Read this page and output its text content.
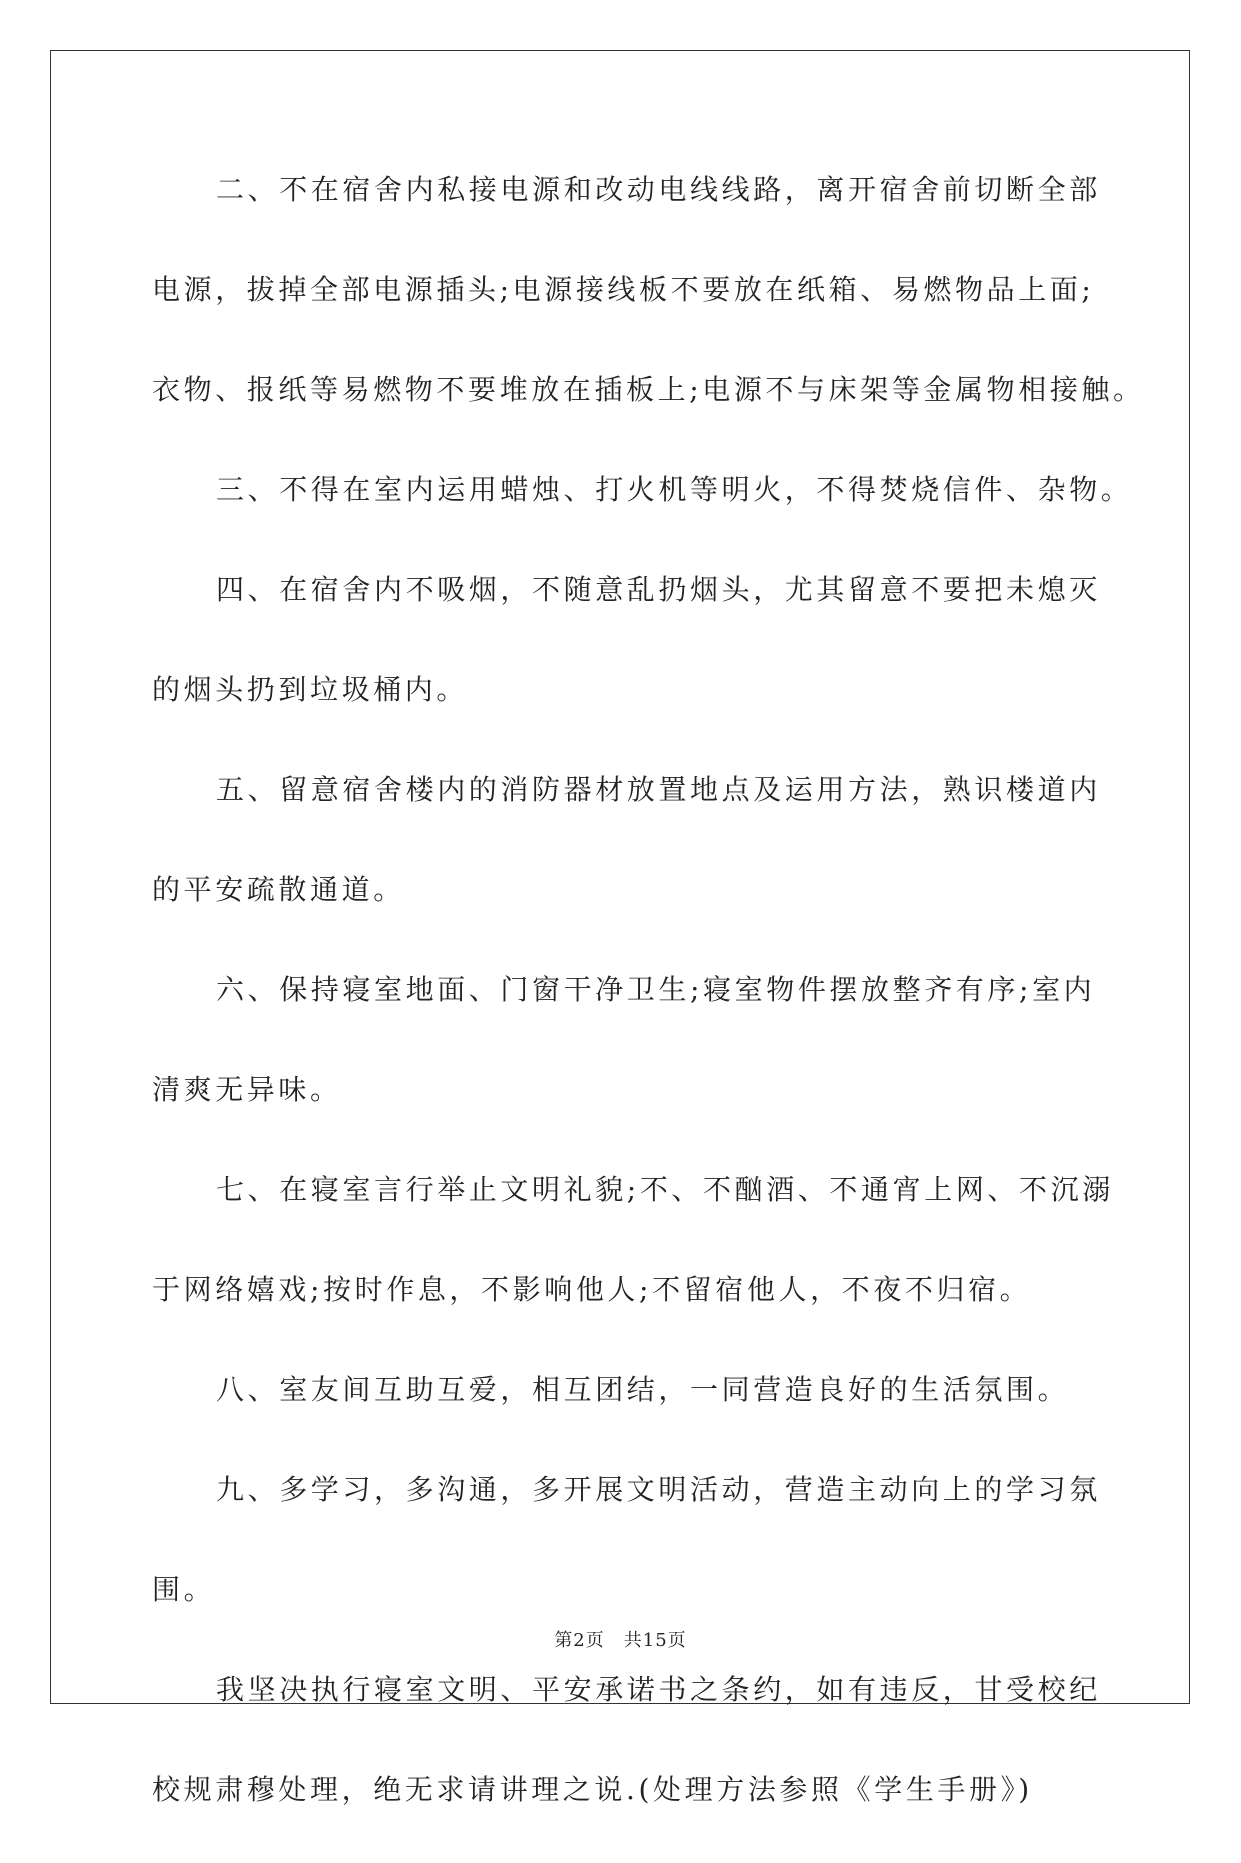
二、不在宿舍内私接电源和改动电线线路，离开宿舍前切断全部
电源，拔掉全部电源插头;电源接线板不要放在纸箱、易燃物品上面;
衣物、报纸等易燃物不要堆放在插板上;电源不与床架等金属物相接触。
三、不得在室内运用蜡烛、打火机等明火，不得焚烧信件、杂物。
四、在宿舍内不吸烟，不随意乱扔烟头，尤其留意不要把未熄灭
的烟头扔到垃圾桶内。
五、留意宿舍楼内的消防器材放置地点及运用方法，熟识楼道内
的平安疏散通道。
六、保持寝室地面、门窗干净卫生;寝室物件摆放整齐有序;室内
清爽无异味。
七、在寝室言行举止文明礼貌;不、不酗酒、不通宵上网、不沉溺
于网络嬉戏;按时作息，不影响他人;不留宿他人，不夜不归宿。
八、室友间互助互爱，相互团结，一同营造良好的生活氛围。
九、多学习，多沟通，多开展文明活动，营造主动向上的学习氛
围。
我坚决执行寝室文明、平安承诺书之条约，如有违反，甘受校纪
校规肃穆处理，绝无求请讲理之说.(处理方法参照《学生手册》)
第2页　共15页
